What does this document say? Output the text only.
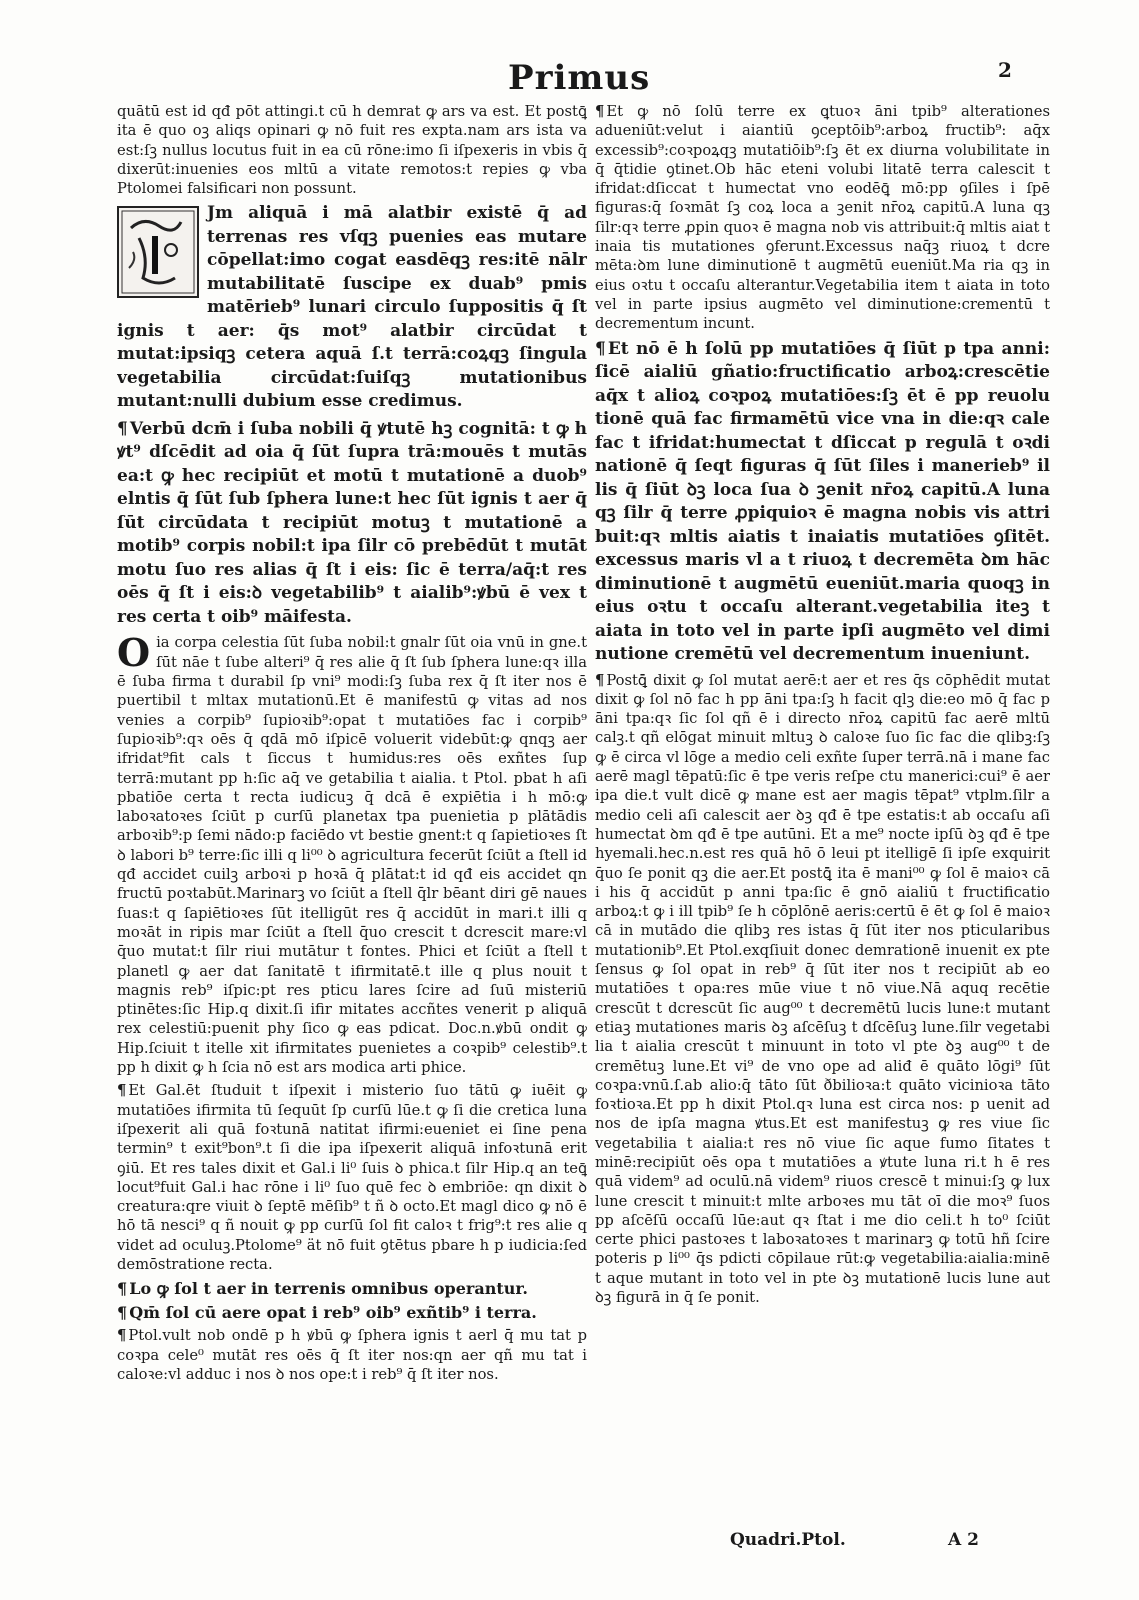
Primus	2

quātū est id qđ pōt attingi.t cū h demrat ꝙ ars va est. Et postꝗ̄ ita ē quo oꝫ aliqs opinari ꝙ nō fuit res expta.nam ars ista va est:ſꝫ nullus locutus fuit in ea cū rōne:imo ſi iſpexeris in vbis q̄ dixerūt:inuenies eos mltū a vitate remotos:t repies ꝙ vba Ptolomei falsificari non possunt.

Jm aliquā i mā alatbir existē q̄ ad terrenas res vſqꝫ puenies eas mutare cōpellat:imo cogat easdēqꝫ res:itē nālr mutabilitatē ſuscipe ex duab⁹ pmis matērieb⁹ lunari circulo ſuppositis q̄ ſt ignis t aer: q̄s mot⁹ alatbir circūdat t mutat:ipsiqꝫ cetera aquā ſ.t terrā:coꝝqꝫ ſingula vegetabilia circūdat:ſuiſqꝫ mutationibus mutant:nulli dubium esse credimus.

¶ Verbū dcm̄ i ſuba nobili q̄ ꝟtutē hꝫ cognitā: t ꝙ h ꝟt⁹ dſcēdit ad oia q̄ ſūt ſupra trā:mouēs t mutās ea:t ꝙ hec recipiūt et motū t mutationē a duob⁹ elntis q̄ ſūt ſub ſphera lune:t hec ſūt ignis t aer q̄ ſūt circūdata t recipiūt motuꝫ t mutationē a motib⁹ corpis nobil:t ipa ſilr cō prebēdūt t mutāt motu ſuo res alias q̄ ſt i eis: ſic ē terra/aq̄:t res oēs q̄ ſt i eis:ꝺ vegetabilib⁹ t aialib⁹:ꝟbū ē vex t res certa t oib⁹ māifesta.

Oia corpa celestia ſūt ſuba nobil:t gnalr ſūt oia vnū in gne.t ſūt nāe t ſube alteri⁹ q̄ res alie q̄ ſt ſub ſphera lune:qꝛ illa ē ſuba firma t durabil ſp vni⁹ modi:ſꝫ ſuba rex q̄ ſt iter nos ē puertibil t mltax mutationū.Et ē manifestū ꝙ vitas ad nos venies a corpib⁹ ſupioꝛib⁹:opat t mutatiōes fac i corpib⁹ ſupioꝛib⁹:qꝛ oēs q̄ qdā mō iſpicē voluerit videbūt:ꝙ qnqꝫ aer ifridat⁹fit cals t ſiccus t humidus:res oēs exñtes ſup terrā:mutant pp h:ſic aq̄ ve getabilia t aialia. t Ptol. pbat h aſi pbatiōe certa t recta iudicuꝫ q̄ dcā ē expiētia i h mō:ꝙ laboꝛatoꝛes ſciūt p curſū planetax tpa puenietia p plātādis arboꝛib⁹:p ſemi nādo:p faciēdo vt bestie gnent:t q ſapietioꝛes ſt ꝺ labori b⁹ terre:ſic illi q li⁰⁰ ꝺ agricultura fecerūt ſciūt a ſtell id qđ accidet cuilꝫ arboꝛi p hoꝛā q̄ plātat:t id qđ eis accidet qn fructū poꝛtabūt.Marinarꝫ vo ſciūt a ſtell q̄lr bēant diri gē naues ſuas:t q ſapiētioꝛes ſūt itelligūt res q̄ accidūt in mari.t illi q moꝛāt in ripis mar ſciūt a ſtell q̄uo crescit t dcrescit mare:vl q̄uo mutat:t ſilr riui mutātur t fontes. Phici et ſciūt a ſtell t planetl ꝙ aer dat ſanitatē t ifirmitatē.t ille q plus nouit t magnis reb⁹ iſpic:pt res pticu lares ſcire ad ſuū misteriū ptinētes:ſic Hip.q dixit.ſi ifir mitates accñtes venerit p aliquā rex celestiū:puenit phy ſico ꝙ eas pdicat. Doc.n.ꝟbū ondit ꝙ Hip.ſciuit t itelle xit ifirmitates puenietes a coꝛpib⁹ celestib⁹.t pp h dixit ꝙ h ſcia nō est ars modica arti phice.

¶ Et Gal.ēt ſtuduit t iſpexit i misterio ſuo tātū ꝙ iuēit ꝙ mutatiōes ifirmita tū ſequūt ſp curſū lūe.t ꝙ ſi die cretica luna iſpexerit ali quā foꝛtunā natitat ifirmi:eueniet ei ſine pena termin⁹ t exit⁹bon⁹.t ſi die ipa iſpexerit aliquā infoꝛtunā erit ꝯiū. Et res tales dixit et Gal.i li⁰ ſuis ꝺ phica.t ſilr Hip.q an teꝗ̄ locut⁹fuit Gal.i hac rōne i li⁰ ſuo quē fec ꝺ embriōe: qn dixit ꝺ creatura:qre viuit ꝺ ſeptē mēſib⁹ t ñ ꝺ octo.Et magl dico ꝙ nō ē hō tā nesci⁹ q ñ nouit ꝙ pp curſū ſol fit caloꝛ t frig⁹:t res alie q videt ad oculuꝫ.Ptolome⁹ ät nō fuit ꝯtētus pbare h p iudicia:ſed demōstratione recta.

¶ Lo ꝙ ſol t aer in terrenis omnibus operantur.

¶ Qm̄ ſol cū aere opat i reb⁹ oib⁹ exñtib⁹ i terra.

¶ Ptol.vult nob ondē p h ꝟbū ꝙ ſphera ignis t aerl q̄ mu tat p coꝛpa cele⁰ mutāt res oēs q̄ ſt iter nos:qn aer qñ mu tat i caloꝛe:vl adduc i nos ꝺ nos ope:t i reb⁹ q̄ ſt iter nos.

¶ Et ꝙ nō ſolū terre ex ꝗtuoꝛ āni tpib⁹ alterationes adueniūt:velut i aiantiū ꝯceptōib⁹:arboꝝ fructib⁹: aq̄x excessib⁹:coꝛpoꝝqꝫ mutatiōib⁹:ſꝫ ēt ex diurna volubilitate in q̄ q̄tidie ꝯtinet.Ob hāc eteni volubi litatē terra calescit t ifridat:dſiccat t humectat vno eodēꝗ̄ mō:pp ꝯſiles i ſpē figuras:q̄ ſoꝛmāt ſꝫ coꝝ loca a ꝫenit nr̄oꝝ capitū.A luna qꝫ ſilr:qꝛ terre ꝓpin quoꝛ ē magna nob vis attribuit:q̄ mltis aiat t inaia tis mutationes ꝯferunt.Excessus naq̄ꝫ riuoꝝ t dcre mēta:ꝺm lune diminutionē t augmētū eueniūt.Ma ria qꝫ in eius oꝛtu t occaſu alterantur.Vegetabilia item t aiata in toto vel in parte ipsius augmēto vel diminutione:crementū t decrementum incunt.

¶ Et nō ē h ſolū pp mutatiōes q̄ ſiūt p tpa anni: ſicē aialiū gñatio:fructificatio arboꝝ:crescētie aq̄x t alioꝝ coꝛpoꝝ mutatiōes:ſꝫ ēt ē pp reuolu tionē quā fac firmamētū vice vna in die:qꝛ cale fac t ifridat:humectat t dſiccat p regulā t oꝛdi nationē q̄ ſeqt figuras q̄ ſūt ſiles i manerieb⁹ il lis q̄ ſiūt ꝺꝫ loca ſua ꝺ ꝫenit nr̄oꝝ capitū.A luna qꝫ ſilr q̄ terre ꝓpiquioꝛ ē magna nobis vis attri buit:qꝛ mltis aiatis t inaiatis mutatiōes ꝯſitēt. excessus maris vl a t riuoꝝ t decremēta ꝺm hāc diminutionē t augmētū eueniūt.maria quoqꝫ in eius oꝛtu t occaſu alterant.vegetabilia iteꝫ t aiata in toto vel in parte ipſi augmēto vel dimi nutione cremētū vel decrementum inueniunt.

¶ Postꝗ̄ dixit ꝙ ſol mutat aerē:t aer et res q̄s cōphēdit mutat dixit ꝙ ſol nō fac h pp āni tpa:ſꝫ h facit qlꝫ die:eo mō q̄ fac p āni tpa:qꝛ ſic ſol qñ ē i directo nr̄oꝝ capitū fac aerē mltū calꝫ.t qñ elōgat minuit mltuꝫ ꝺ caloꝛe ſuo ſic fac die qlibꝫ:ſꝫ ꝙ ē circa vl lōge a medio celi exñte ſuper terrā.nā i mane fac aerē magl tēpatū:ſic ē tpe veris reſpe ctu manerici:cui⁹ ē aer ipa die.t vult dicē ꝙ mane est aer magis tēpat⁹ vtplm.ſilr a medio celi aſi calescit aer ꝺꝫ qđ ē tpe estatis:t ab occaſu aſi humectat ꝺm qđ ē tpe autūni. Et a me⁹ nocte ipſū ꝺꝫ qđ ē tpe hyemali.hec.n.est res quā hō ō leui pt itelligē ſi ipſe exquirit q̄uo ſe ponit qꝫ die aer.Et postꝗ̄ ita ē mani⁰⁰ ꝙ ſol ē maioꝛ cā i his q̄ accidūt p anni tpa:ſic ē gnō aialiū t fructificatio arboꝝ:t ꝙ i ill tpib⁹ ſe h cōplōnē aeris:certū ē ēt ꝙ ſol ē maioꝛ cā in mutādo die qlibꝫ res istas q̄ ſūt iter nos pticularibus mutationib⁹.Et Ptol.exqſiuit donec demrationē inuenit ex pte ſensus ꝙ ſol opat in reb⁹ q̄ ſūt iter nos t recipiūt ab eo mutatiōes t opa:res mūe viue t nō viue.Nā aquq recētie crescūt t dcrescūt ſic aug⁰⁰ t decremētū lucis lune:t mutant etiaꝫ mutationes maris ꝺꝫ aſcēſuꝫ t dſcēſuꝫ lune.ſilr vegetabi lia t aialia crescūt t minuunt in toto vl pte ꝺꝫ aug⁰⁰ t de cremētuꝫ lune.Et vi⁹ de vno ope ad aliđ ē quāto lōgi⁹ ſūt coꝛpa:vnū.ſ.ab alio:q̄ tāto ſūt ðbilioꝛa:t quāto vicinioꝛa tāto foꝛtioꝛa.Et pp h dixit Ptol.qꝛ luna est circa nos: p uenit ad nos de ipſa magna ꝟtus.Et est manifestuꝫ ꝙ res viue ſic vegetabilia t aialia:t res nō viue ſic aque fumo ſitates t minē:recipiūt oēs opa t mutatiōes a ꝟtute luna ri.t h ē res quā videm⁹ ad oculū.nā videm⁹ riuos crescē t minui:ſꝫ ꝙ lux lune crescit t minuit:t mlte arboꝛes mu tāt oī die moꝛ⁹ ſuos pp aſcēſū occaſū lūe:aut qꝛ ſtat i me dio celi.t h to⁰ ſciūt certe phici pastoꝛes t laboꝛatoꝛes t marinarꝫ ꝙ totū hñ ſcire poteris p li⁰⁰ q̄s pdicti cōpilaue rūt:ꝙ vegetabilia:aialia:minē t aque mutant in toto vel in pte ꝺꝫ mutationē lucis lune aut ꝺꝫ figurā in q̄ ſe ponit.

Quadri.Ptol.	A 2
